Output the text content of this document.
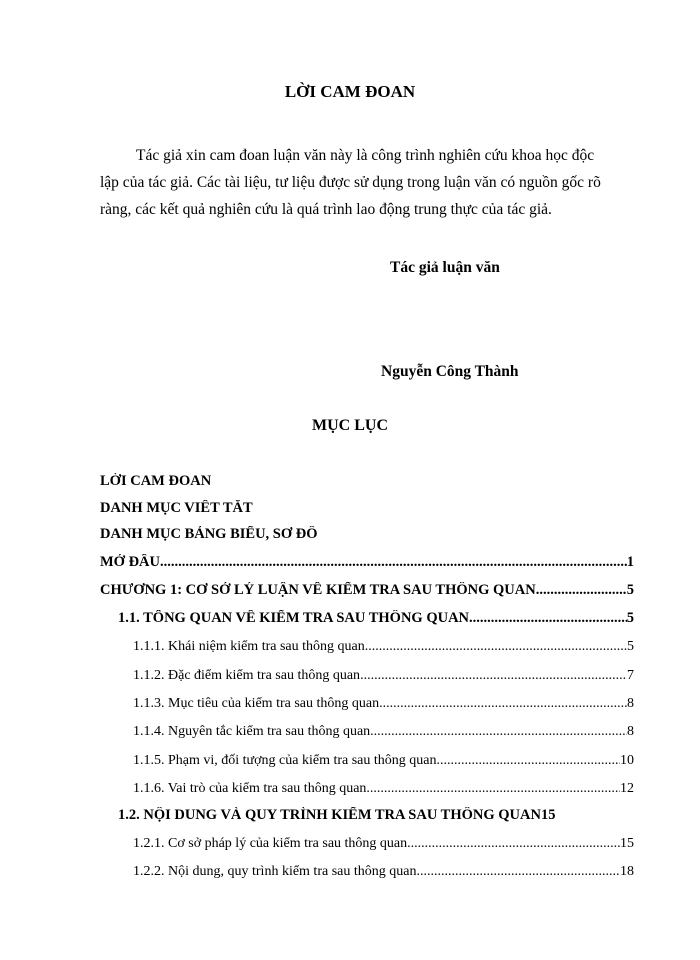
LỜI CAM ĐOAN
Tác giả xin cam đoan luận văn này là công trình nghiên cứu khoa học độc
lập của tác giả. Các tài liệu, tư liệu được sử dụng trong luận văn có nguồn gốc rõ
ràng, các kết quả nghiên cứu là quá trình lao động trung thực của tác giả.
Tác giả luận văn
Nguyễn Công Thành
MỤC LỤC
LỜI CAM ĐOAN
DANH MỤC VIẾT TẮT
DANH MỤC BẢNG BIỂU, SƠ ĐỒ
MỞ ĐẦU .....	1
CHƯƠNG 1: CƠ SỞ LÝ LUẬN VỀ KIỂM TRA SAU THÔNG QUAN .....	5
1.1. TỔNG QUAN VỀ KIỂM TRA SAU THÔNG QUAN .....	5
1.1.1. Khái niệm kiểm tra sau thông quan .....	5
1.1.2. Đặc điểm kiểm tra sau thông quan .....	7
1.1.3. Mục tiêu của kiểm tra sau thông quan .....	8
1.1.4. Nguyên tắc kiểm tra sau thông quan .....	8
1.1.5. Phạm vi, đối tượng của kiểm tra sau thông quan .....	10
1.1.6. Vai trò của kiểm tra sau thông quan .....	12
1.2. NỘI DUNG VÀ QUY TRÌNH KIỂM TRA SAU THÔNG QUAN 15
1.2.1. Cơ sở pháp lý của kiểm tra sau thông quan .....	15
1.2.2. Nội dung, quy trình kiểm tra sau thông quan .....	18
